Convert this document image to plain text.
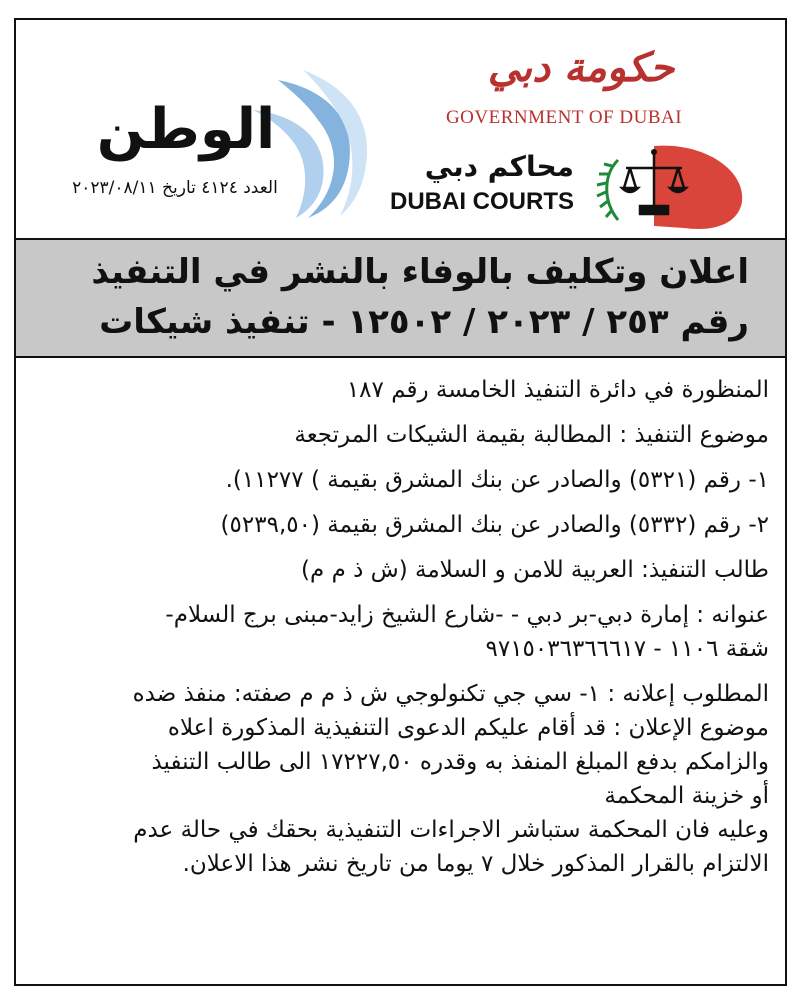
الوطن
العدد ٤١٢٤ تاريخ ٢٠٢٣/٠٨/١١
حكومة دبي
GOVERNMENT OF DUBAI
محاكم دبي
DUBAI COURTS
اعلان وتكليف بالوفاء بالنشر في التنفيذ
رقم ٢٥٣ / ٢٠٢٣ / ١٢٥٠٢ - تنفيذ شيكات
المنظورة في دائرة التنفيذ الخامسة رقم ١٨٧
موضوع التنفيذ : المطالبة بقيمة الشيكات المرتجعة
١- رقم (٥٣٢١) والصادر عن بنك المشرق بقيمة ) ١١٢٧٧).
٢- رقم (٥٣٣٢) والصادر عن بنك المشرق بقيمة (٥٢٣٩,٥٠)
طالب التنفيذ: العربية للامن و السلامة (ش ذ م م)
عنوانه : إمارة دبي-بر دبي - -شارع الشيخ زايد-مبنى برج السلام-
شقة ١١٠٦ - ٩٧١٥٠٣٦٣٦٦٦١٧
المطلوب إعلانه : ١- سي جي تكنولوجي ش ذ م م صفته: منفذ ضده
موضوع الإعلان : قد أقام عليكم الدعوى التنفيذية المذكورة اعلاه
والزامكم بدفع المبلغ المنفذ به وقدره ١٧٢٢٧,٥٠ الى طالب التنفيذ
أو خزينة المحكمة
وعليه فان المحكمة ستباشر الاجراءات التنفيذية بحقك في حالة عدم
الالتزام بالقرار المذكور خلال ٧ يوما من تاريخ نشر هذا الاعلان.
